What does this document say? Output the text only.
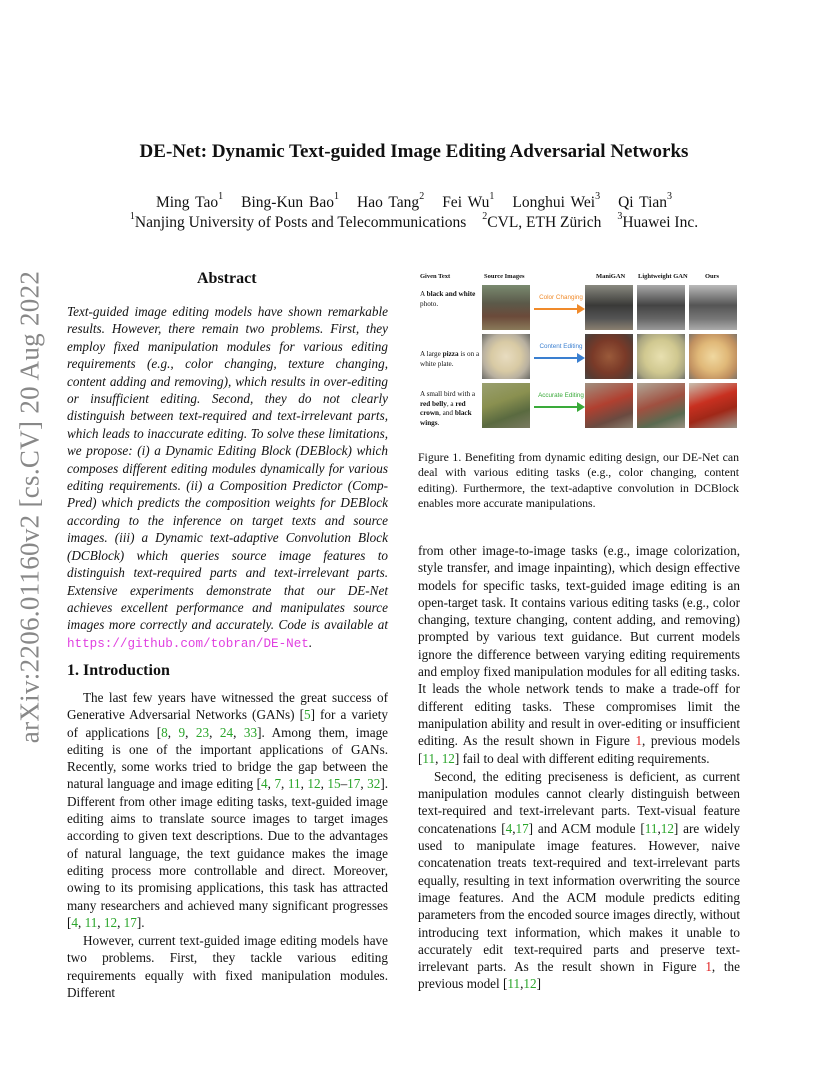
arXiv:2206.01160v2 [cs.CV] 20 Aug 2022
DE-Net: Dynamic Text-guided Image Editing Adversarial Networks
Ming Tao$^1$ Bing-Kun Bao$^1$ Hao Tang$^2$ Fei Wu$^1$ Longhui Wei$^3$ Qi Tian$^3$
$^1$Nanjing University of Posts and Telecommunications $^2$CVL, ETH Zürich $^3$Huawei Inc.
Abstract
Text-guided image editing models have shown remarkable results. However, there remain two problems. First, they employ fixed manipulation modules for various editing requirements (e.g., color changing, texture changing, content adding and removing), which results in over-editing or insufficient editing. Second, they do not clearly distinguish between text-required and text-irrelevant parts, which leads to inaccurate editing. To solve these limitations, we propose: (i) a Dynamic Editing Block (DEBlock) which composes different editing modules dynamically for various editing requirements. (ii) a Composition Predictor (Comp-Pred) which predicts the composition weights for DEBlock according to the inference on target texts and source images. (iii) a Dynamic text-adaptive Convolution Block (DCBlock) which queries source image features to distinguish text-required parts and text-irrelevant parts. Extensive experiments demonstrate that our DE-Net achieves excellent performance and manipulates source images more correctly and accurately. Code is available at https://github.com/tobran/DE-Net.
1. Introduction

The last few years have witnessed the great success of Generative Adversarial Networks (GANs) [5] for a variety of applications [8, 9, 23, 24, 33]. Among them, image editing is one of the important applications of GANs. Recently, some works tried to bridge the gap between the natural language and image editing [4, 7, 11, 12, 15–17, 32]. Different from other image editing tasks, text-guided image editing aims to translate source images to target images according to given text descriptions. Due to the advantages of natural language, the text guidance makes the image editing process more controllable and direct. Moreover, owing to its promising applications, this task has attracted many researchers and achieved many significant progresses [4, 11, 12, 17].

However, current text-guided image editing models have two problems. First, they tackle various editing requirements equally with fixed manipulation modules. Different

Given Text	Source Images	ManiGAN Lightweight GAN	Ours
A black and white photo.
A large pizza is on a white plate.
A small bird with a red belly, a red crown, and black wings.
Color Changing
Content Editing
Accurate Editing
Figure 1. Benefiting from dynamic editing design, our DE-Net can deal with various editing tasks (e.g., color changing, content editing). Furthermore, the text-adaptive convolution in DCBlock enables more accurate manipulations.

from other image-to-image tasks (e.g., image colorization, style transfer, and image inpainting), which design effective models for specific tasks, text-guided image editing is an open-target task. It contains various editing tasks (e.g., color changing, texture changing, content adding, and removing) prompted by various text guidance. But current models ignore the difference between varying editing requirements and employ fixed manipulation modules for all editing tasks. It leads the whole network tends to make a trade-off for different editing tasks. These compromises limit the manipulation ability and result in over-editing or insufficient editing. As the result shown in Figure 1, previous models [11, 12] fail to deal with different editing requirements.

Second, the editing preciseness is deficient, as current manipulation modules cannot clearly distinguish between text-required and text-irrelevant parts. Text-visual feature concatenations [4,17] and ACM module [11,12] are widely used to manipulate image features. However, naive concatenation treats text-required and text-irrelevant parts equally, resulting in text information overwriting the source image features. And the ACM module predicts editing parameters from the encoded source images directly, without introducing text information, which makes it unable to accurately edit text-required parts and preserve text-irrelevant parts. As the result shown in Figure 1, the previous model [11,12]
